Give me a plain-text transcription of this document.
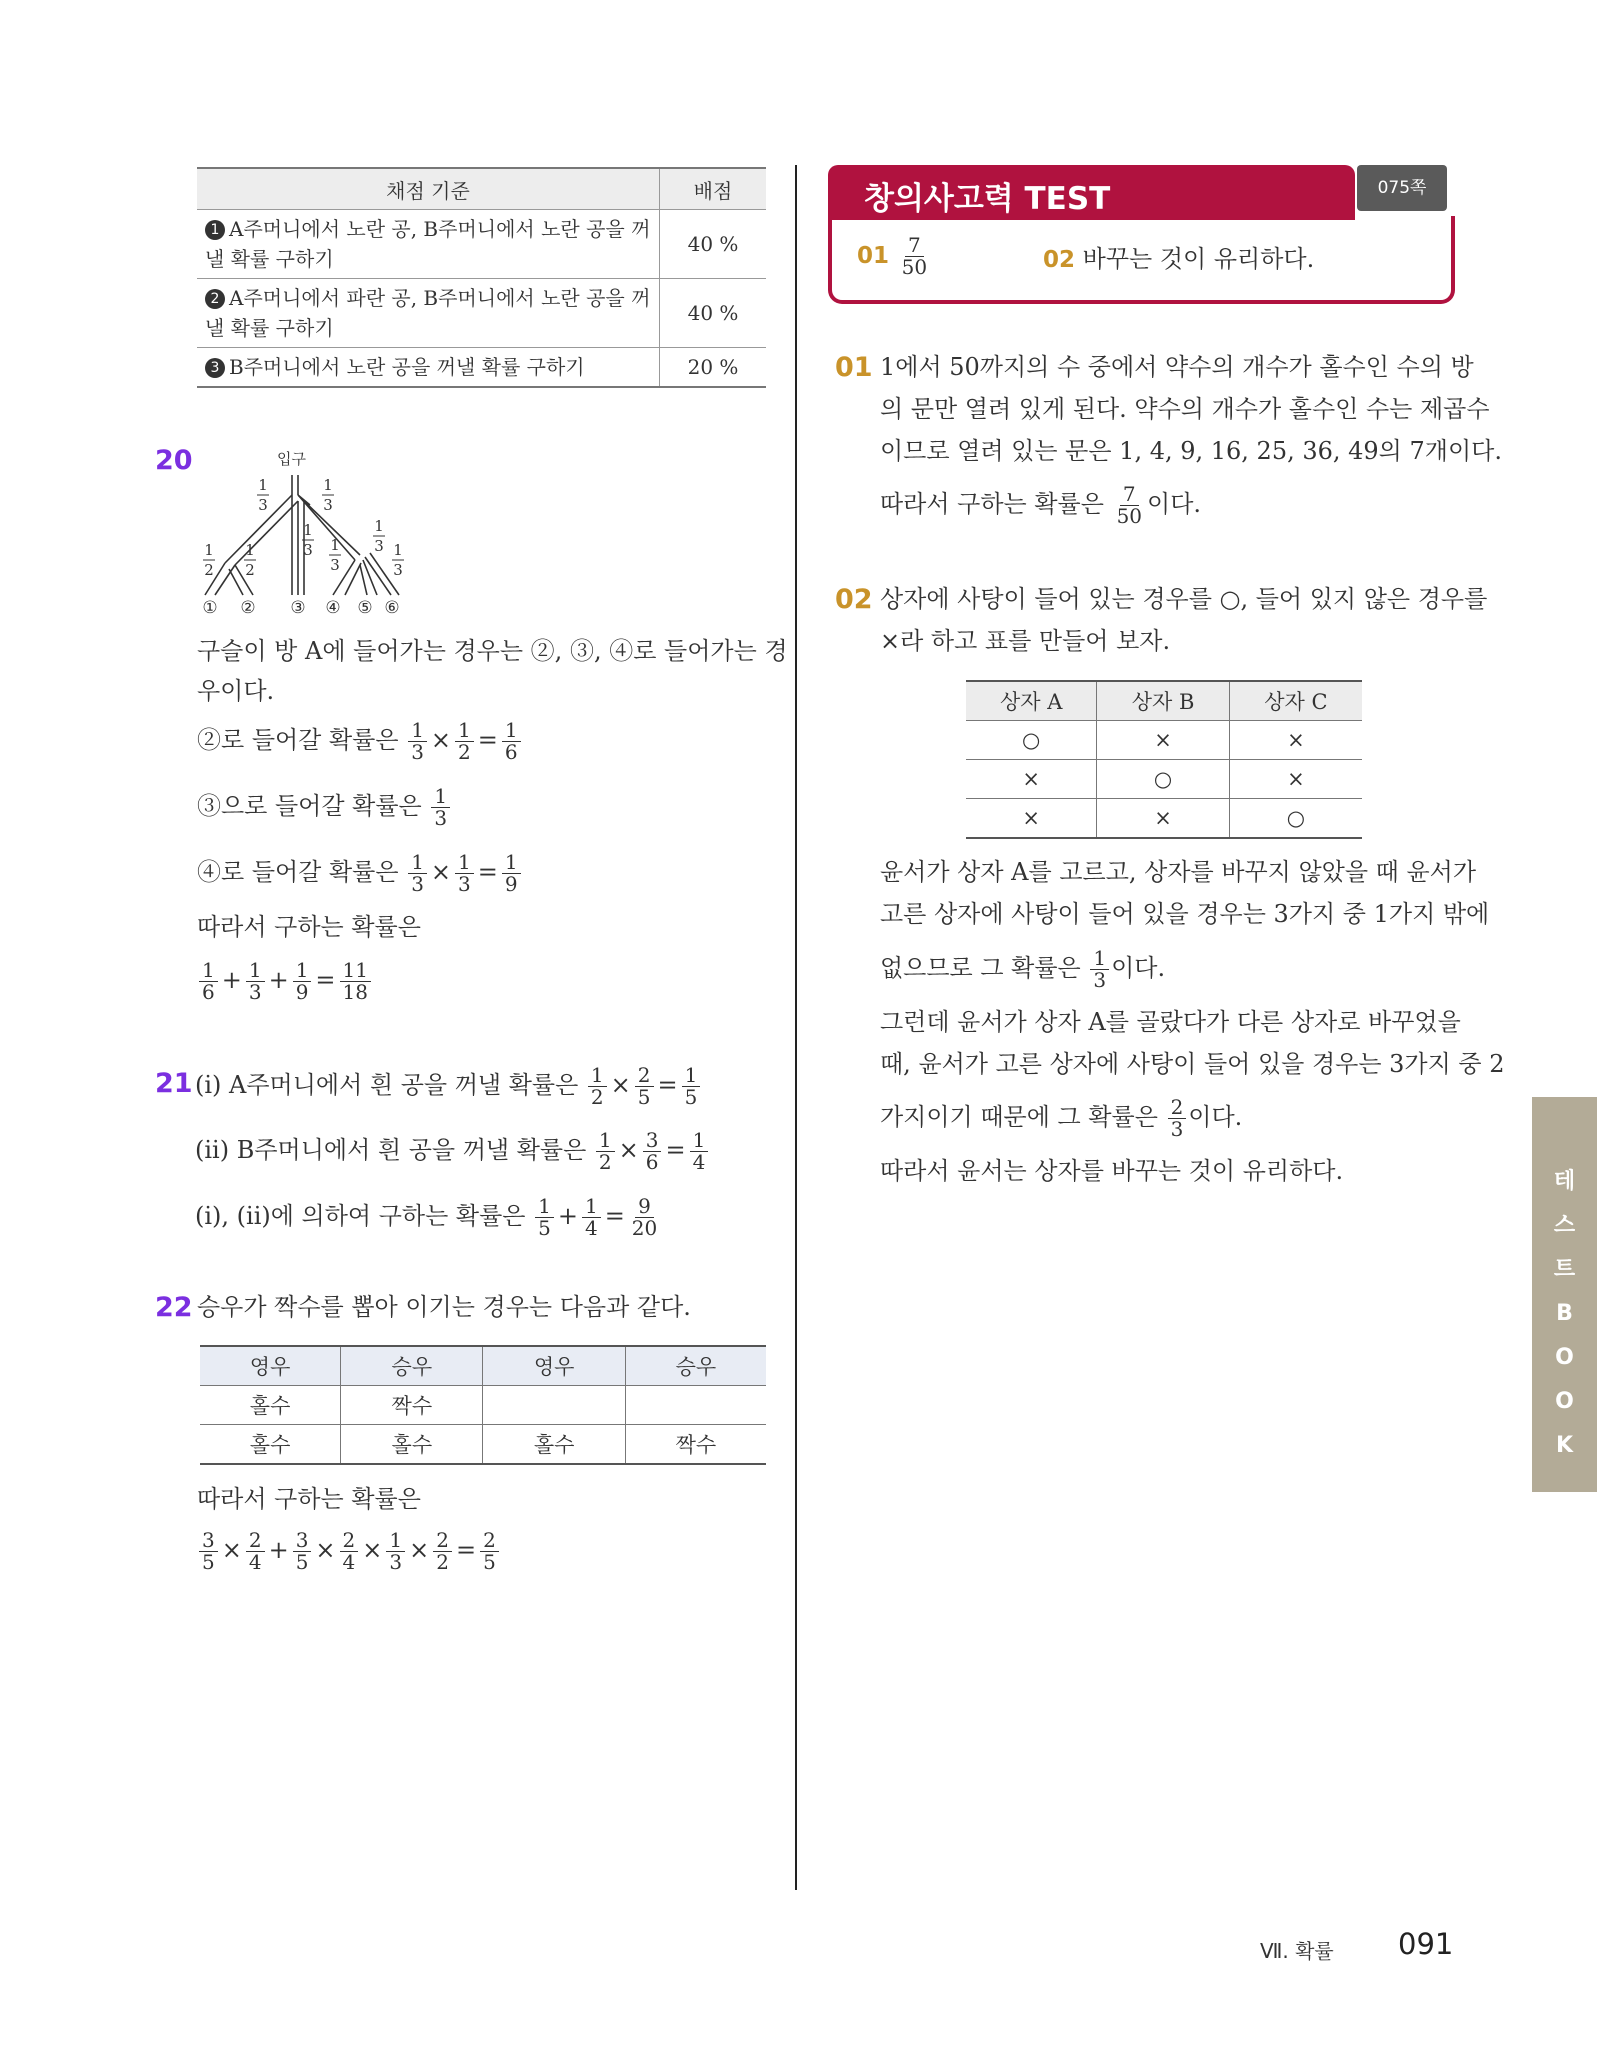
채점 기준	배점
1 A주머니에서 노란 공, B주머니에서 노란 공을 꺼
낼 확률 구하기	40 %
2 A주머니에서 파란 공, B주머니에서 노란 공을 꺼
낼 확률 구하기	40 %
3 B주머니에서 노란 공을 꺼낼 확률 구하기	20 %
20	입구
1
3
1
3
1
3 1
3
1
3
1
2
1
2
1
3
① ② ③ ④ ⑤ ⑥
구슬이 방 A에 들어가는 경우는 ②, ③, ④로 들어가는 경
우이다.
②로 들어갈 확률은 $\frac{1}{3} \times \frac{1}{2} = \frac{1}{6}$
③으로 들어갈 확률은 $\frac{1}{3}$
④로 들어갈 확률은 $\frac{1}{3} \times \frac{1}{3} = \frac{1}{9}$
따라서 구하는 확률은
$\frac{1}{6} + \frac{1}{3} + \frac{1}{9} = \frac{11}{18}$
21 (i) A주머니에서 흰 공을 꺼낼 확률은 $\frac{1}{2} \times \frac{2}{5} = \frac{1}{5}$
(ii) B주머니에서 흰 공을 꺼낼 확률은 $\frac{1}{2} \times \frac{3}{6} = \frac{1}{4}$
(i), (ii)에 의하여 구하는 확률은 $\frac{1}{5} + \frac{1}{4} = \frac{9}{20}$
22 승우가 짝수를 뽑아 이기는 경우는 다음과 같다.
영우	승우	영우	승우
홀수	짝수		
홀수	홀수	홀수	짝수
따라서 구하는 확률은
$\frac{3}{5} \times \frac{2}{4} + \frac{3}{5} \times \frac{2}{4} \times \frac{1}{3} \times \frac{2}{2} = \frac{2}{5}$
창의사고력 TEST	075쪽
$01 \frac{7}{50}$	02 바꾸는 것이 유리하다.
01 1에서 50까지의 수 중에서 약수의 개수가 홀수인 수의 방
의 문만 열려 있게 된다. 약수의 개수가 홀수인 수는 제곱수
이므로 열려 있는 문은 1, 4, 9, 16, 25, 36, 49의 7개이다.
따라서 구하는 확률은 $\frac{7}{50}$ 이다.
02 상자에 사탕이 들어 있는 경우를 ○, 들어 있지 않은 경우를
×라 하고 표를 만들어 보자.
상자 A	상자 B	상자 C
○	×	×
×	○	×
×	×	○
윤서가 상자 A를 고르고, 상자를 바꾸지 않았을 때 윤서가
고른 상자에 사탕이 들어 있을 경우는 3가지 중 1가지 밖에
없으므로 그 확률은 $\frac{1}{3}$ 이다.
그런데 윤서가 상자 A를 골랐다가 다른 상자로 바꾸었을
때, 윤서가 고른 상자에 사탕이 들어 있을 경우는 3가지 중 2
가지이기 때문에 그 확률은 $\frac{2}{3}$ 이다.
따라서 윤서는 상자를 바꾸는 것이 유리하다.	테
스
트
B
O
O
K
Ⅶ. 확률 091
